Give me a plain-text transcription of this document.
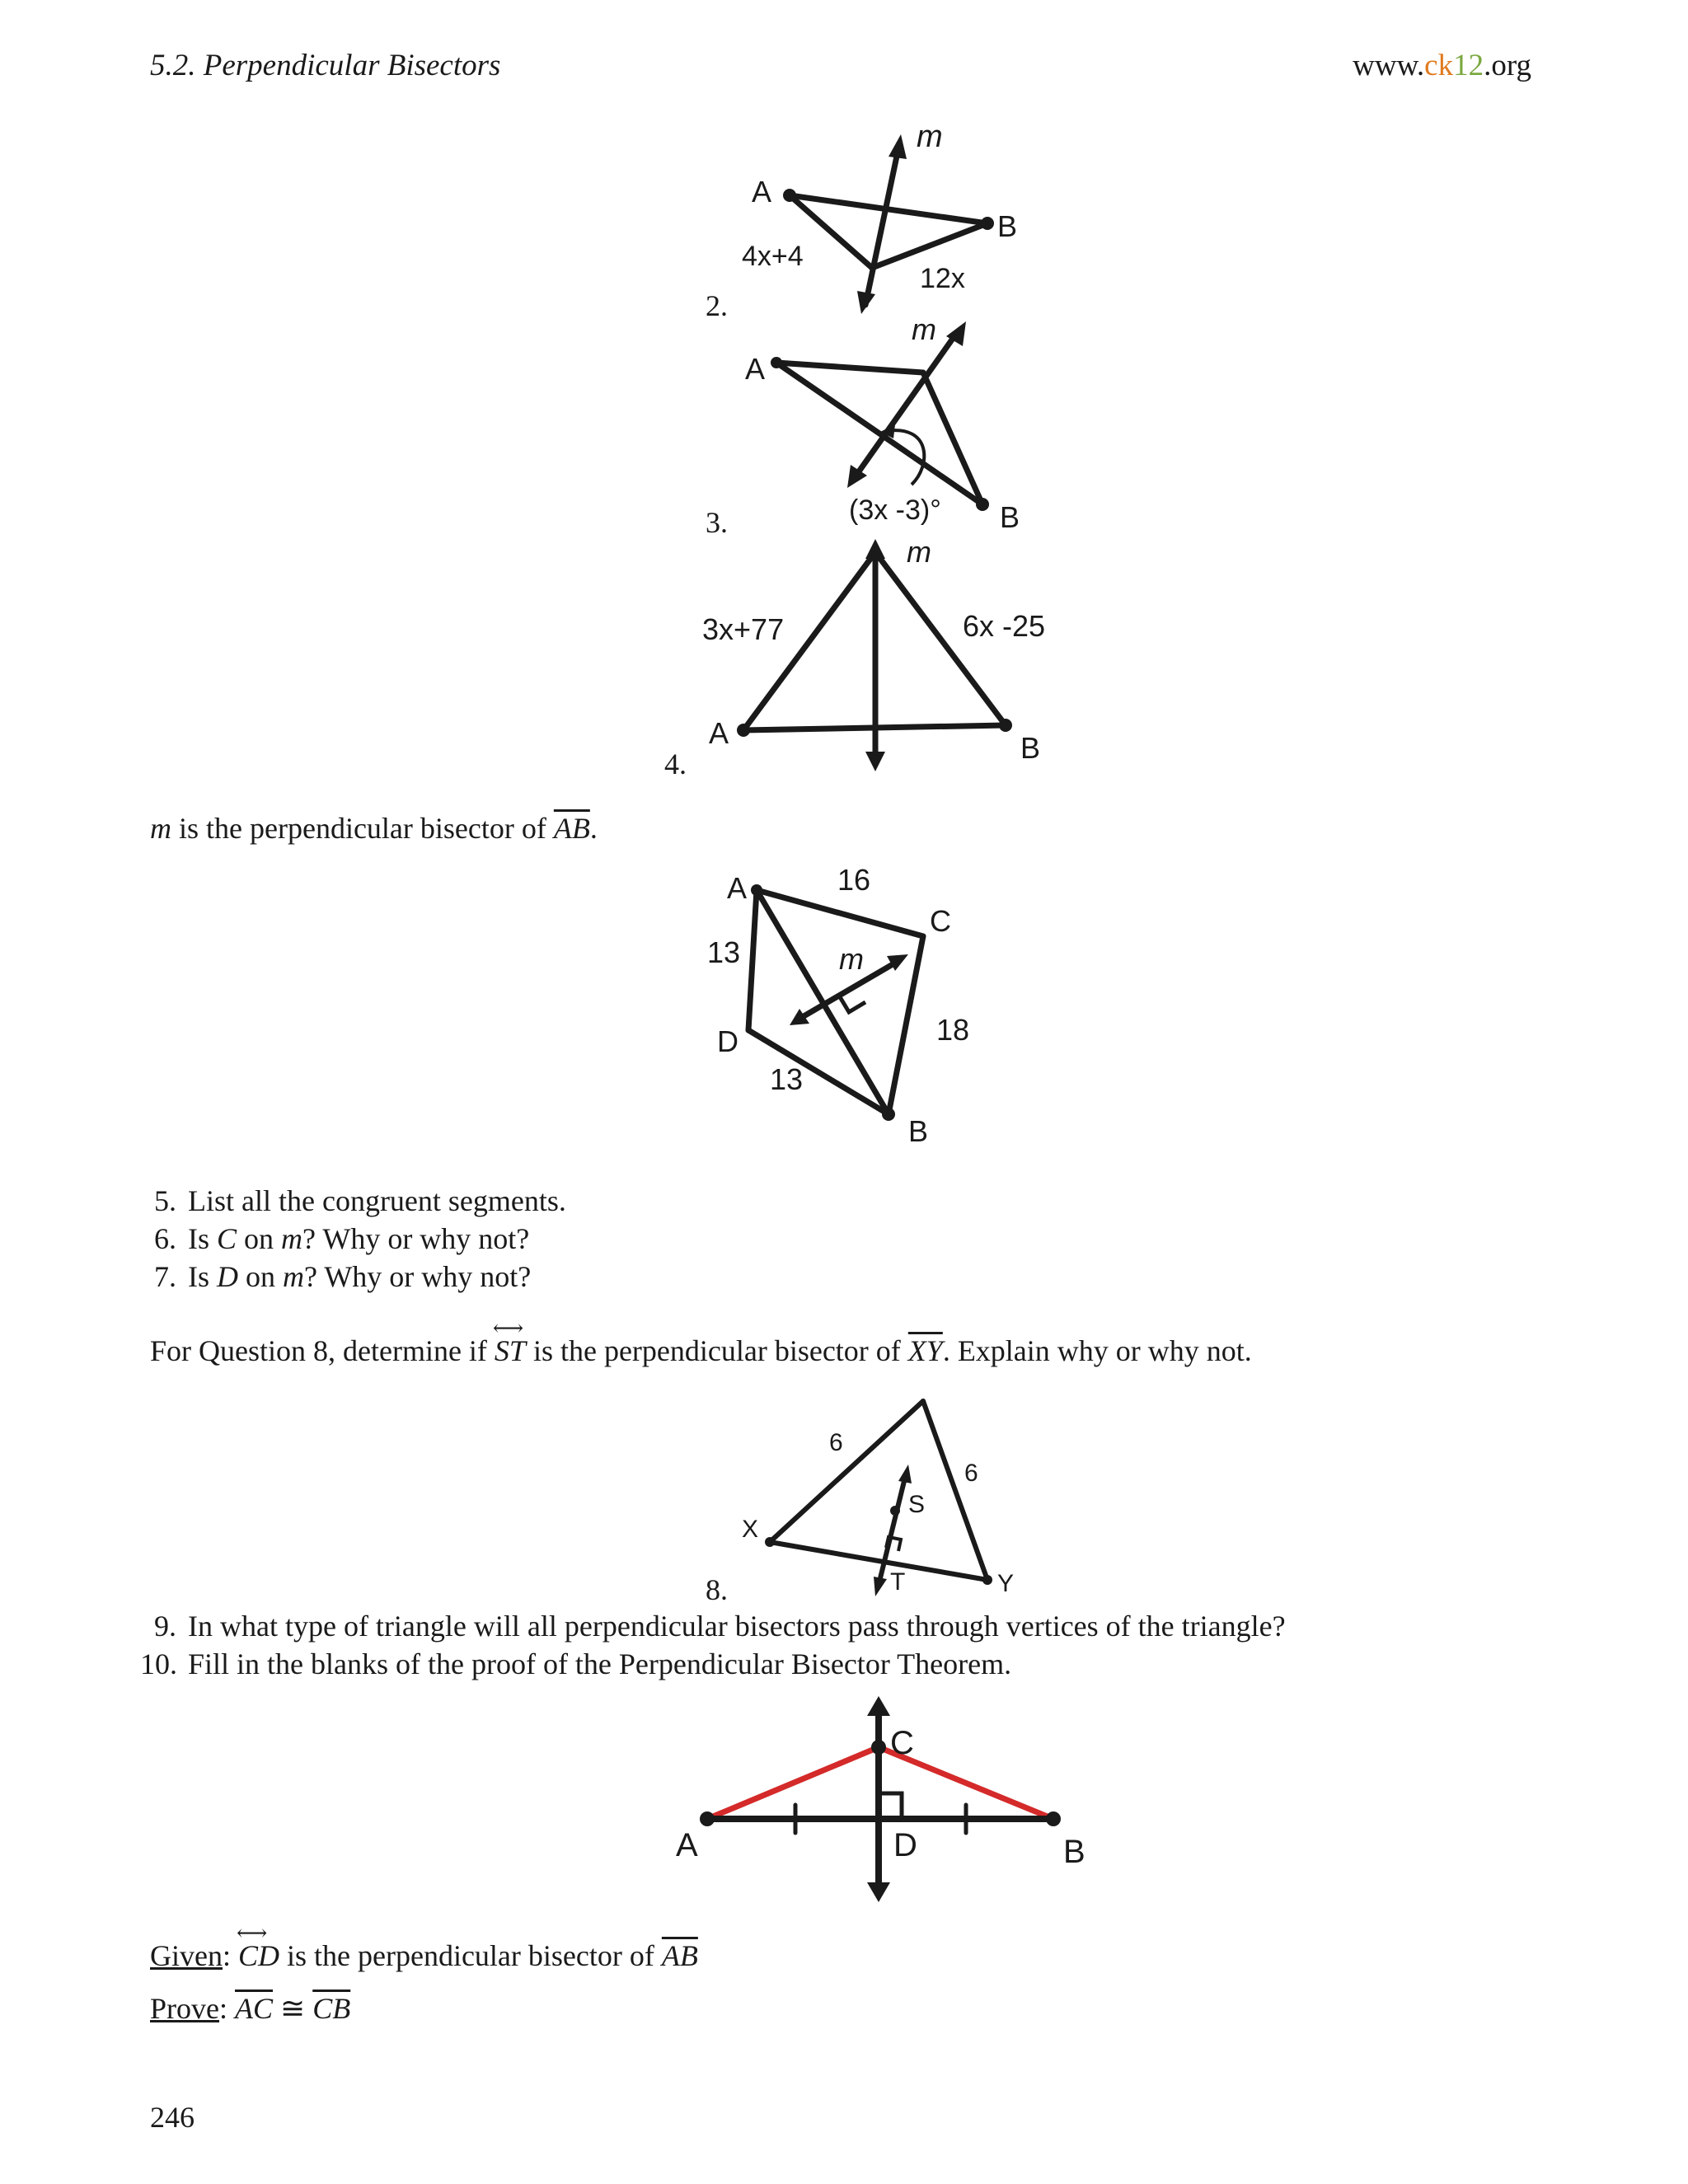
5.2. Perpendicular Bisectors	www.ck12.org
2.
m
A
B
4x+4
12x
3.
m
A
B
(3x -3)°
4.
m
A	B
3x+77	6x -25
m is the perpendicular bisector of $\overline{AB}$.
A
C
D
B
m
16
13
13
18
5. List all the congruent segments.
6. Is C on m? Why or why not?
7. Is D on m? Why or why not?
For Question 8, determine if
⟷
ST is the perpendicular bisector of $\overline{XY}$. Explain why or why not.
8.
6
6
X
Y
S
T
9. In what type of triangle will all perpendicular bisectors pass through vertices of the triangle?
10. Fill in the blanks of the proof of the Perpendicular Bisector Theorem.
A	B
C
D
Given:
⟷
CD is the perpendicular bisector of $\overline{AB}$
Prove: $\overline{AC}$ ≅ $\overline{CB}$
246
